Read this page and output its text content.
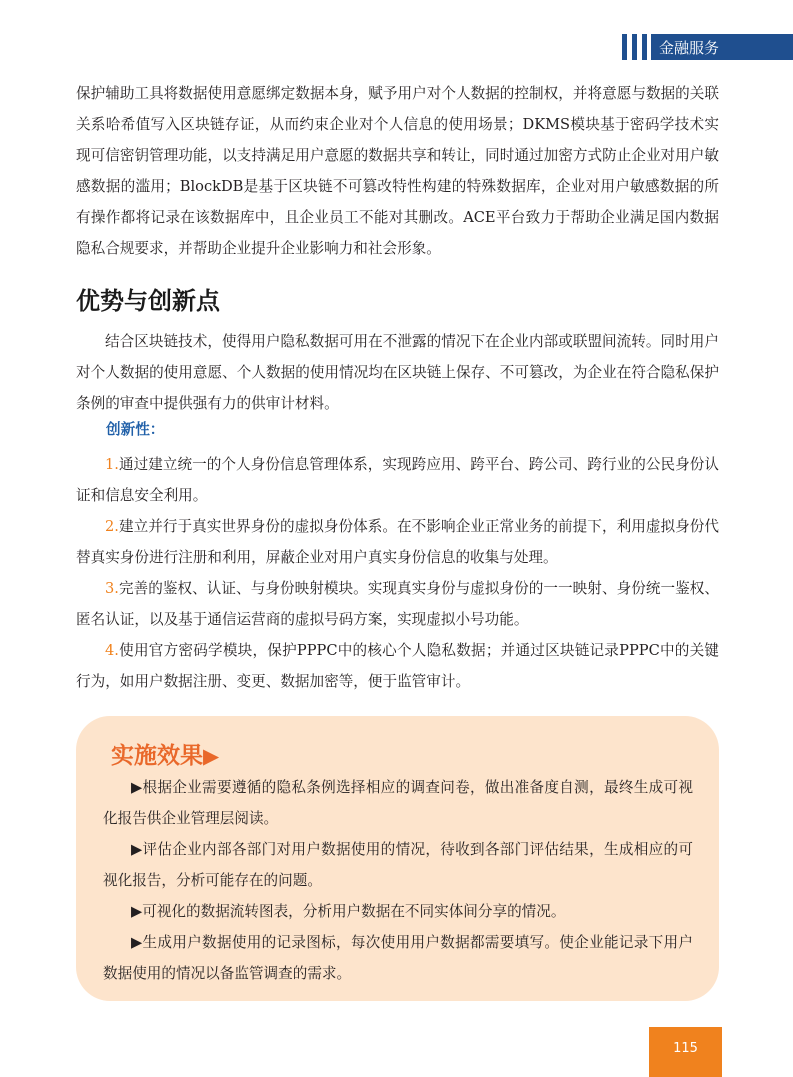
金融服务
保护辅助工具将数据使用意愿绑定数据本身，赋予用户对个人数据的控制权，并将意愿与数据的关联关系哈希值写入区块链存证，从而约束企业对个人信息的使用场景；DKMS模块基于密码学技术实现可信密钥管理功能，以支持满足用户意愿的数据共享和转让，同时通过加密方式防止企业对用户敏感数据的滥用；BlockDB是基于区块链不可篡改特性构建的特殊数据库，企业对用户敏感数据的所有操作都将记录在该数据库中，且企业员工不能对其删改。ACE平台致力于帮助企业满足国内数据隐私合规要求，并帮助企业提升企业影响力和社会形象。
优势与创新点
结合区块链技术，使得用户隐私数据可用在不泄露的情况下在企业内部或联盟间流转。同时用户对个人数据的使用意愿、个人数据的使用情况均在区块链上保存、不可篡改，为企业在符合隐私保护条例的审查中提供强有力的供审计材料。
创新性：
1.通过建立统一的个人身份信息管理体系，实现跨应用、跨平台、跨公司、跨行业的公民身份认证和信息安全利用。
2.建立并行于真实世界身份的虚拟身份体系。在不影响企业正常业务的前提下，利用虚拟身份代替真实身份进行注册和利用，屏蔽企业对用户真实身份信息的收集与处理。
3.完善的鉴权、认证、与身份映射模块。实现真实身份与虚拟身份的一一映射、身份统一鉴权、匿名认证，以及基于通信运营商的虚拟号码方案，实现虚拟小号功能。
4.使用官方密码学模块，保护PPPC中的核心个人隐私数据；并通过区块链记录PPPC中的关键行为，如用户数据注册、变更、数据加密等，便于监管审计。
实施效果▶
▶根据企业需要遵循的隐私条例选择相应的调查问卷，做出准备度自测，最终生成可视化报告供企业管理层阅读。
▶评估企业内部各部门对用户数据使用的情况，待收到各部门评估结果，生成相应的可视化报告，分析可能存在的问题。
▶可视化的数据流转图表，分析用户数据在不同实体间分享的情况。
▶生成用户数据使用的记录图标，每次使用用户数据都需要填写。使企业能记录下用户数据使用的情况以备监管调查的需求。
115
